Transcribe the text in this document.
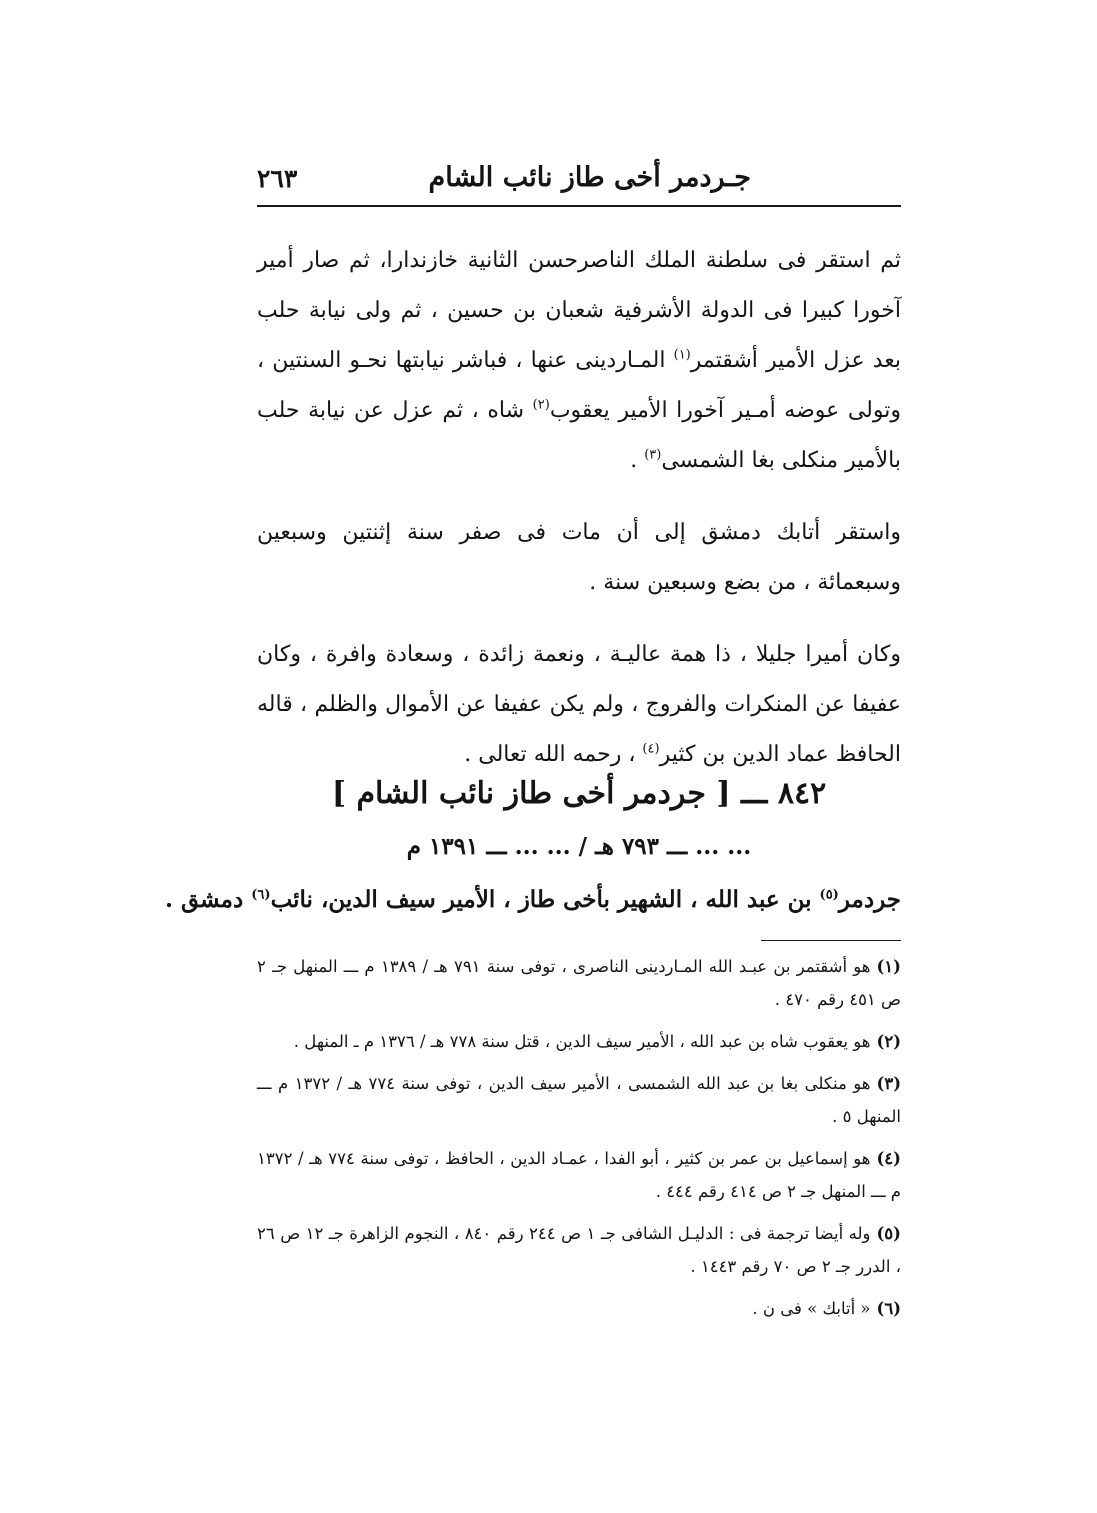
جـردمر أخى طاز نائب الشام
٢٦٣

ثم استقر فى سلطنة الملك الناصرحسن الثانية خازندارا، ثم صار أمير آخورا كبيرا فى الدولة الأشرفية شعبان بن حسين ، ثم ولى نيابة حلب بعد عزل الأمير أشقتمر$^{(١)}$ المـاردينى عنها ، فباشر نيابتها نحـو السنتين ، وتولى عوضه أمـير آخورا الأمير يعقوب$^{(٢)}$ شاه ، ثم عزل عن نيابة حلب بالأمير منكلى بغا الشمسى$^{(٣)}$ .

واستقر أتابك دمشق إلى أن مات فى صفر سنة إثنتين وسبعين وسبعمائة ، من بضع وسبعين سنة .

وكان أميرا جليلا ، ذا همة عاليـة ، ونعمة زائدة ، وسعادة وافرة ، وكان عفيفا عن المنكرات والفروج ، ولم يكن عفيفا عن الأموال والظلم ، قاله الحافظ عماد الدين بن كثير$^{(٤)}$ ، رحمه الله تعالى .

٨٤٢ ـــ [ جردمر أخى طاز نائب الشام ]
... ... ـــ ٧٩٣ هـ / ... ... ـــ ١٣٩١ م
جردمر$^{(٥)}$ بن عبد الله ، الشهير بأخى طاز ، الأمير سيف الدين، نائب$^{(٦)}$ دمشق .

(١)هو أشقتمر بن عبـد الله المـاردينى الناصرى ، توفى سنة ٧٩١ هـ / ١٣٨٩ م ـــ المنهل جـ ٢ ص ٤٥١ رقم ٤٧٠ .

(٢)هو يعقوب شاه بن عبد الله ، الأمير سيف الدين ، قتل سنة ٧٧٨ هـ / ١٣٧٦ م ـ المنهل .

(٣)هو منكلى بغا بن عبد الله الشمسى ، الأمير سيف الدين ، توفى سنة ٧٧٤ هـ / ١٣٧٢ م ـــ المنهل ٥ .

(٤)هو إسماعيل بن عمر بن كثير ، أبو الفدا ، عمـاد الدين ، الحافظ ، توفى سنة ٧٧٤ هـ / ١٣٧٢ م ـــ المنهل جـ ٢ ص ٤١٤ رقم ٤٤٤ .

(٥)وله أيضا ترجمة فى : الدليـل الشافى جـ ١ ص ٢٤٤ رقم ٨٤٠ ، النجوم الزاهرة جـ ١٢ ص ٢٦ ، الدرر جـ ٢ ص ٧٠ رقم ١٤٤٣ .

(٦)« أتابك » فى ن .
